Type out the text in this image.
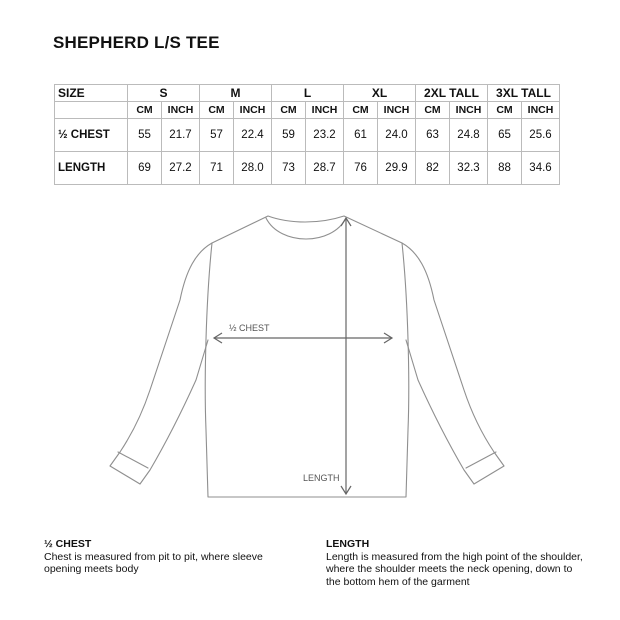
SHEPHERD L/S TEE
SIZE	S		M		L		XL		2XL TALL		3XL TALL	
	CM	INCH	CM	INCH	CM	INCH	CM	INCH	CM	INCH	CM	INCH
½ CHEST	55	21.7	57	22.4	59	23.2	61	24.0	63	24.8	65	25.6
LENGTH	69	27.2	71	28.0	73	28.7	76	29.9	82	32.3	88	34.6
½ CHEST
LENGTH
½ CHEST
Chest is measured from pit to pit, where sleeve opening meets body
LENGTH
Length is measured from the high point of the shoulder, where the shoulder meets the neck opening, down to the bottom hem of the garment
